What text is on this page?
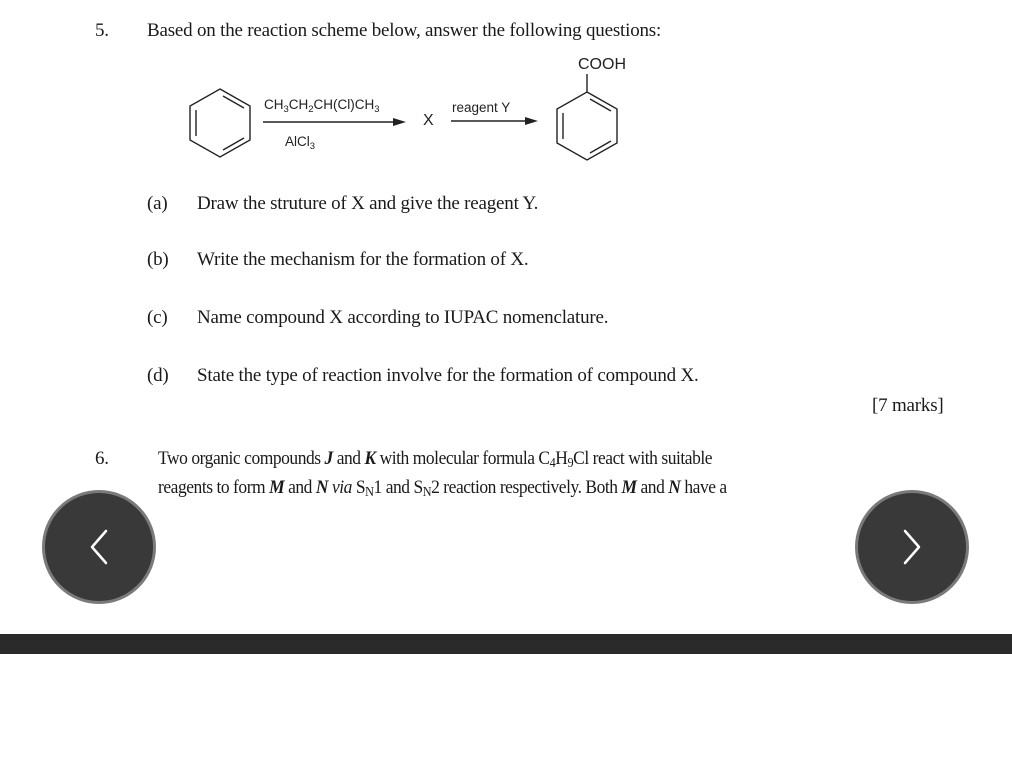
5. Based on the reaction scheme below, answer the following questions:
$CH_3CH_2CH(Cl)CH_3$
AlCl$_3$
X
reagent Y
COOH
(a) Draw the struture of X and give the reagent Y.
(b) Write the mechanism for the formation of X.
(c) Name compound X according to IUPAC nomenclature.
(d) State the type of reaction involve for the formation of compound X.
[7 marks]
6.	Two organic compounds J and K with molecular formula $C_4H_9Cl$ react with suitable
reagents to form M and N via $S_N1$ and $S_N2$ reaction respectively. Both M and N have a
